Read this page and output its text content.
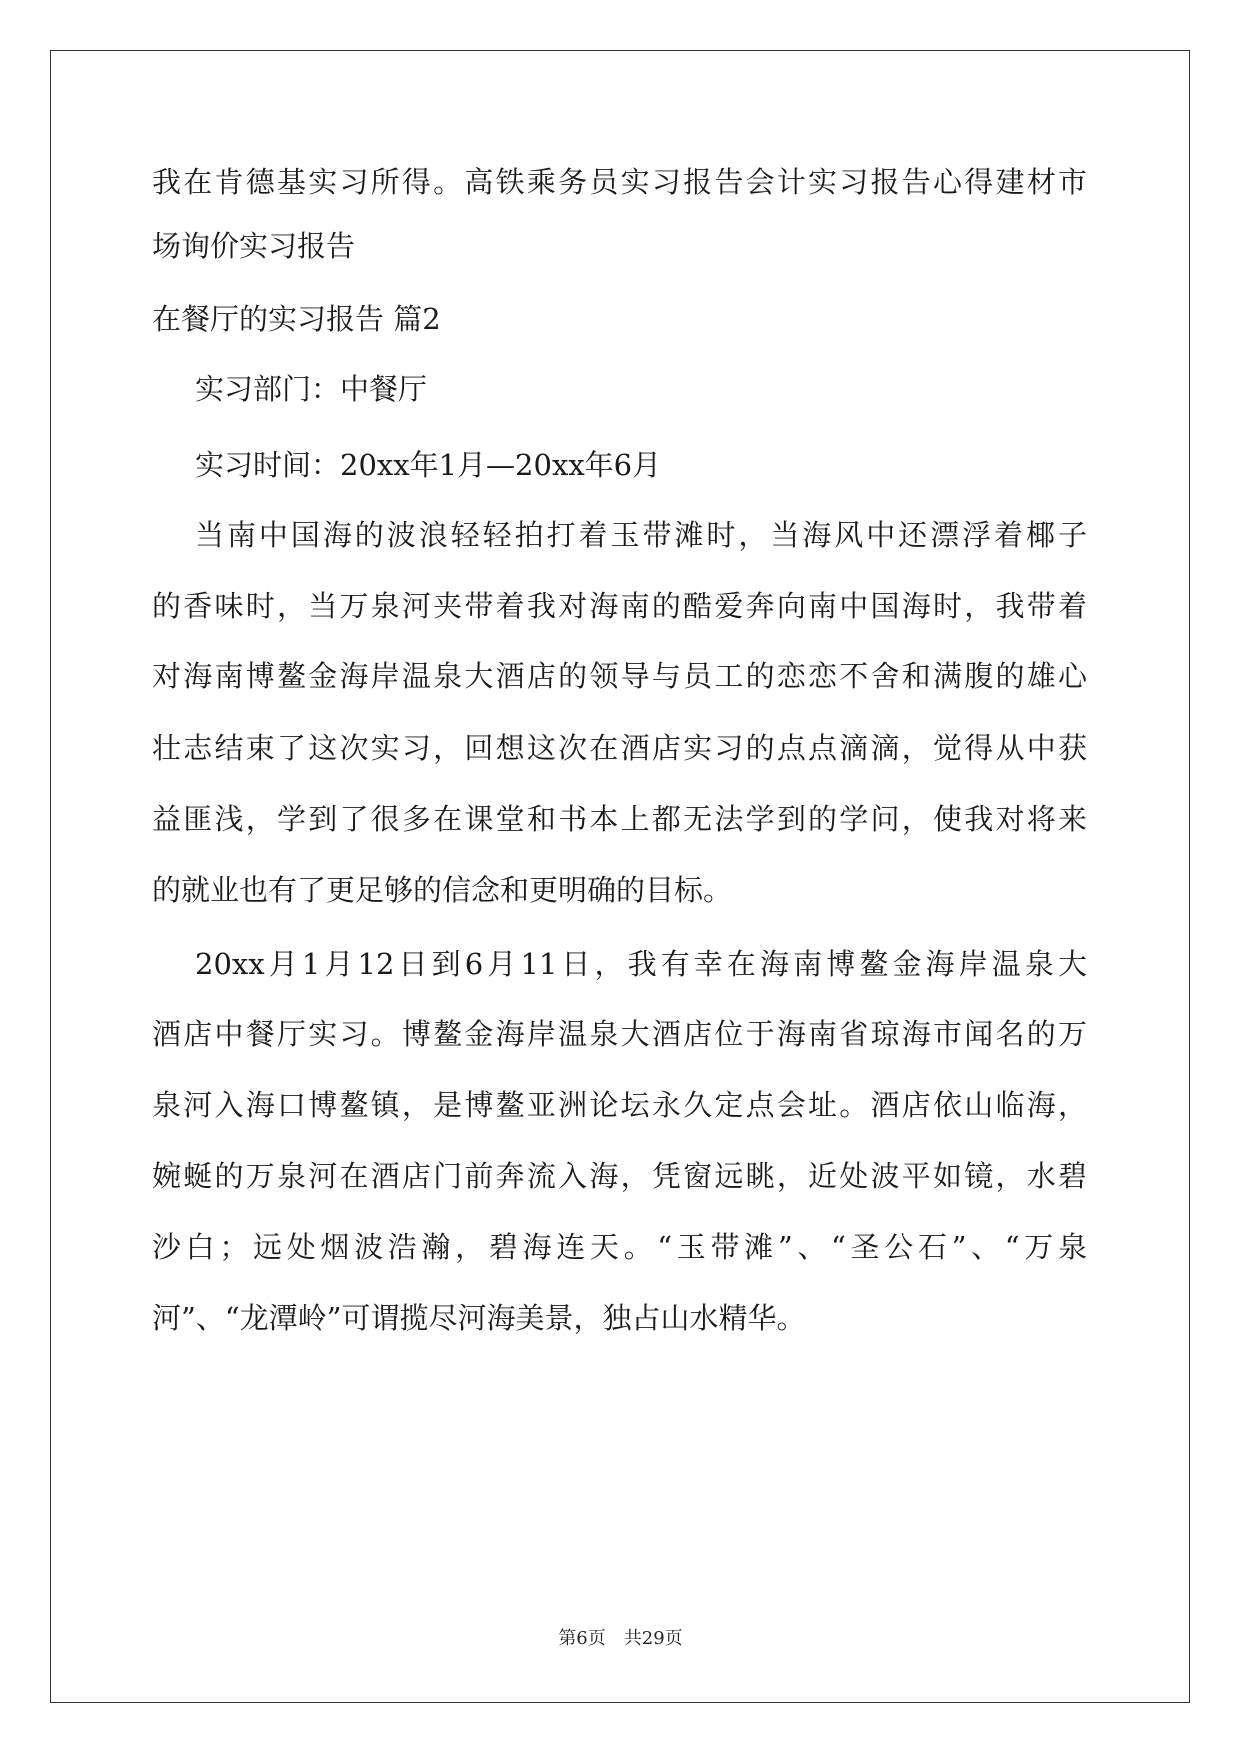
我在肯德基实习所得。高铁乘务员实习报告会计实习报告心得建材市
场询价实习报告
在餐厅的实习报告 篇2
实习部门：中餐厅
实习时间：20xx年1月—20xx年6月
当南中国海的波浪轻轻拍打着玉带滩时，当海风中还漂浮着椰子
的香味时，当万泉河夹带着我对海南的酷爱奔向南中国海时，我带着
对海南博鳌金海岸温泉大酒店的领导与员工的恋恋不舍和满腹的雄心
壮志结束了这次实习，回想这次在酒店实习的点点滴滴，觉得从中获
益匪浅，学到了很多在课堂和书本上都无法学到的学问，使我对将来
的就业也有了更足够的信念和更明确的目标。
20xx月1月12日到6月11日，我有幸在海南博鳌金海岸温泉大
酒店中餐厅实习。博鳌金海岸温泉大酒店位于海南省琼海市闻名的万
泉河入海口博鳌镇，是博鳌亚洲论坛永久定点会址。酒店依山临海，
婉蜒的万泉河在酒店门前奔流入海，凭窗远眺，近处波平如镜，水碧
沙白；远处烟波浩瀚，碧海连天。“玉带滩”、“圣公石”、“万泉
河”、“龙潭岭”可谓揽尽河海美景，独占山水精华。
第6页　共29页
